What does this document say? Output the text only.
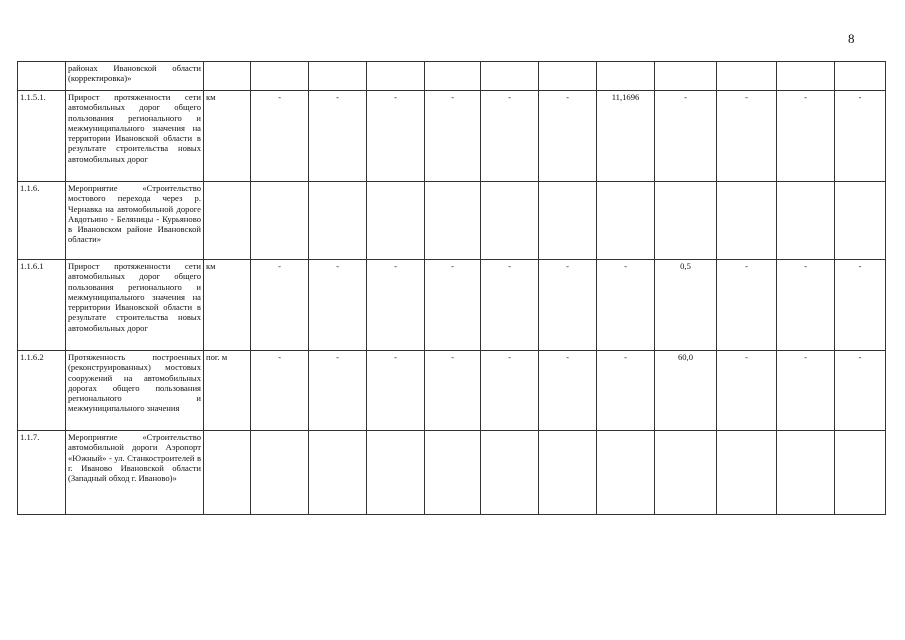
8
	районах Ивановской области (корректировка)»												
1.1.5.1.	Прирост протяженности сети автомобильных дорог общего пользования регионального и межмуниципального значения на территории Ивановской области в результате строительства новых автомобильных дорог	км	-	-	-	-	-	-	11,1696	-	-	-	-
1.1.6.	Мероприятие «Строительство мостового перехода через р. Чернавка на автомобильной дороге Авдотьино - Беляницы - Курьяново в Ивановском районе Ивановской области»												
1.1.6.1	Прирост протяженности сети автомобильных дорог общего пользования регионального и межмуниципального значения на территории Ивановской области в результате строительства новых автомобильных дорог	км	-	-	-	-	-	-	-	0,5	-	-	-
1.1.6.2	Протяженность построенных (реконструированных) мостовых сооружений на автомобильных дорогах общего пользования регионального и межмуниципального значения	пог. м	-	-	-	-	-	-	-	60,0	-	-	-
1.1.7.	Мероприятие «Строительство автомобильной дороги Аэропорт «Южный» - ул. Станкостроителей в г. Иваново Ивановской области (Западный обход г. Иваново)»												
